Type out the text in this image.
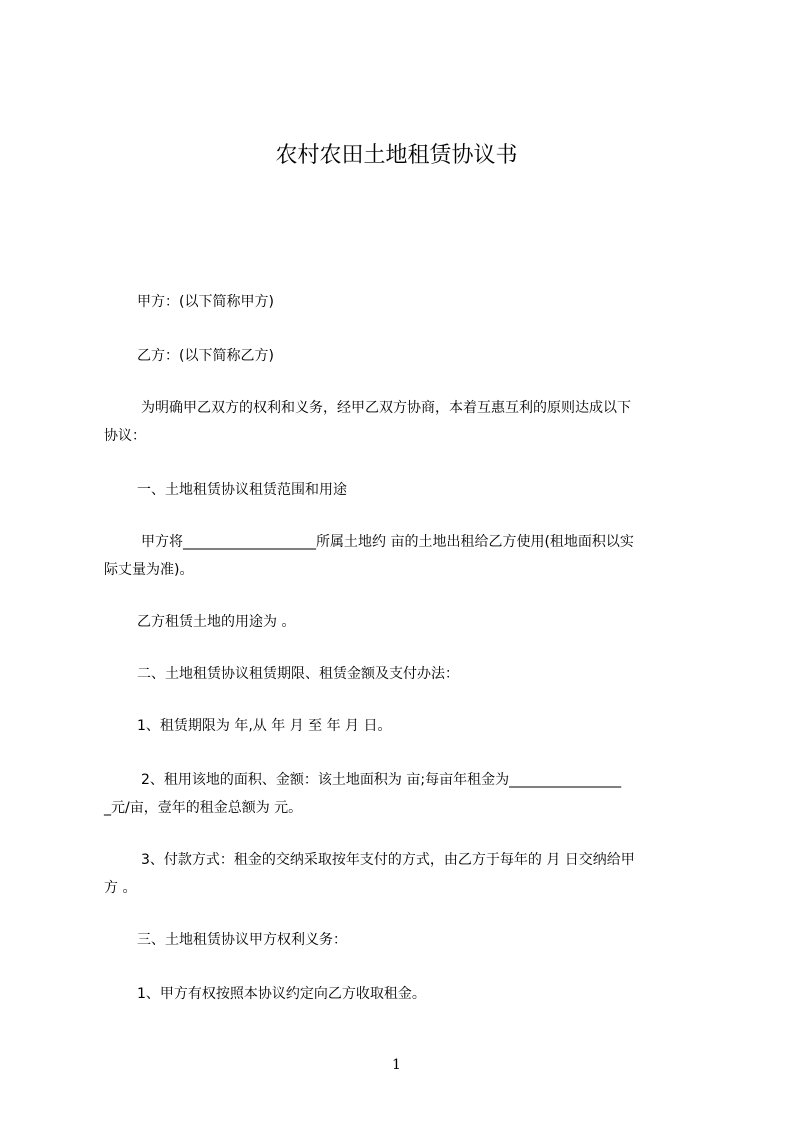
农村农田土地租赁协议书
甲方：(以下简称甲方)
乙方：(以下简称乙方)
为明确甲乙双方的权利和义务，经甲乙双方协商，本着互惠互利的原则达成以下
协议：
一、土地租赁协议租赁范围和用途
甲方将___________________所属土地约 亩的土地出租给乙方使用(租地面积以实
际丈量为准)。
乙方租赁土地的用途为 。
二、土地租赁协议租赁期限、租赁金额及支付办法：
1、租赁期限为 年,从 年 月 至 年 月 日。
2、租用该地的面积、金额：该土地面积为 亩;每亩年租金为________________
_元/亩，壹年的租金总额为 元。
3、付款方式：租金的交纳采取按年支付的方式，由乙方于每年的 月 日交纳给甲
方 。
三、土地租赁协议甲方权利义务：
1、甲方有权按照本协议约定向乙方收取租金。
1
